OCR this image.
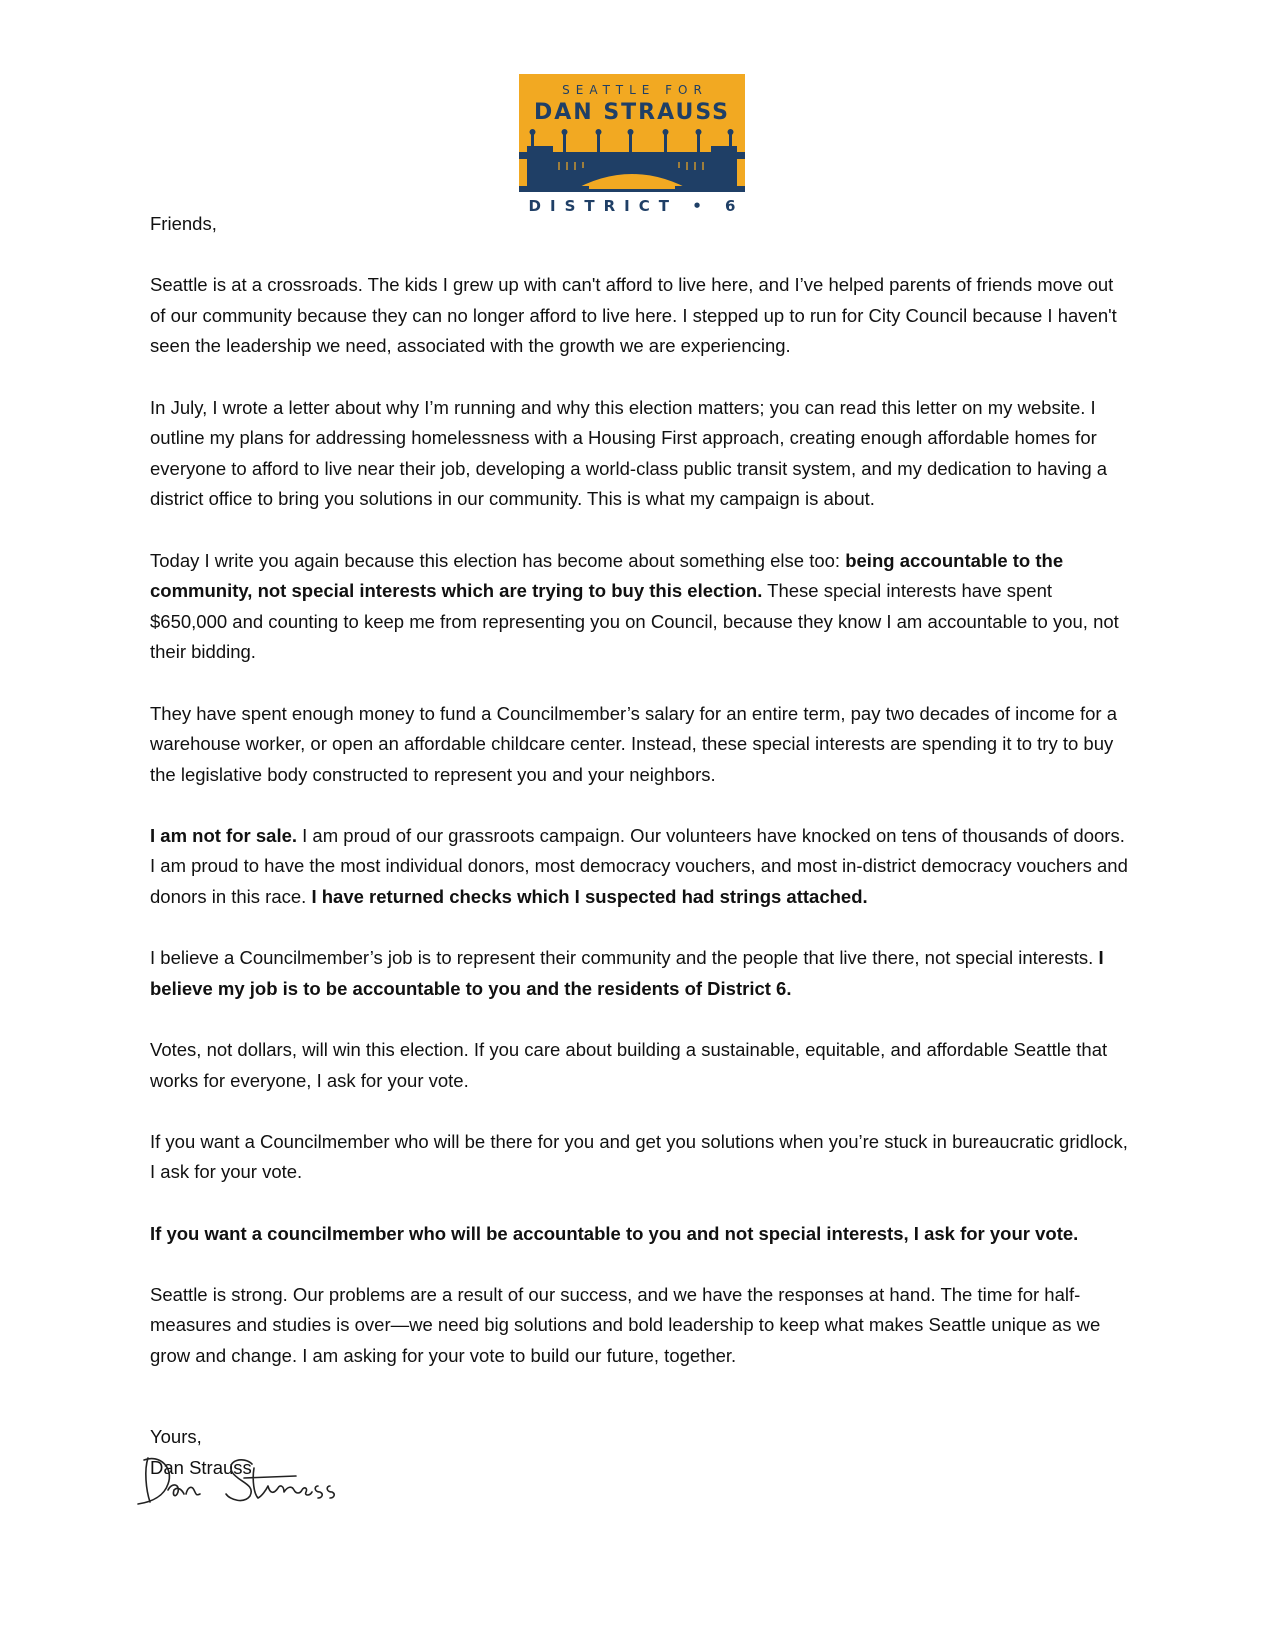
SEATTLE FOR
DAN STRAUSS
DISTRICT • 6

Friends,

Seattle is at a crossroads. The kids I grew up with can't afford to live here, and I’ve helped parents of friends move out of our community because they can no longer afford to live here. I stepped up to run for City Council because I haven't seen the leadership we need, associated with the growth we are experiencing.

In July, I wrote a letter about why I’m running and why this election matters; you can read this letter on my website. I outline my plans for addressing homelessness with a Housing First approach, creating enough affordable homes for everyone to afford to live near their job, developing a world-class public transit system, and my dedication to having a district office to bring you solutions in our community. This is what my campaign is about.

Today I write you again because this election has become about something else too: being accountable to the community, not special interests which are trying to buy this election. These special interests have spent $650,000 and counting to keep me from representing you on Council, because they know I am accountable to you, not their bidding.

They have spent enough money to fund a Councilmember’s salary for an entire term, pay two decades of income for a warehouse worker, or open an affordable childcare center. Instead, these special interests are spending it to try to buy the legislative body constructed to represent you and your neighbors.

I am not for sale. I am proud of our grassroots campaign. Our volunteers have knocked on tens of thousands of doors. I am proud to have the most individual donors, most democracy vouchers, and most in-district democracy vouchers and donors in this race. I have returned checks which I suspected had strings attached.

I believe a Councilmember’s job is to represent their community and the people that live there, not special interests. I believe my job is to be accountable to you and the residents of District 6.

Votes, not dollars, will win this election. If you care about building a sustainable, equitable, and affordable Seattle that works for everyone, I ask for your vote.

If you want a Councilmember who will be there for you and get you solutions when you’re stuck in bureaucratic gridlock, I ask for your vote.

If you want a councilmember who will be accountable to you and not special interests, I ask for your vote.

Seattle is strong. Our problems are a result of our success, and we have the responses at hand. The time for half-measures and studies is over—we need big solutions and bold leadership to keep what makes Seattle unique as we grow and change. I am asking for your vote to build our future, together.

Yours,
Dan Strauss
